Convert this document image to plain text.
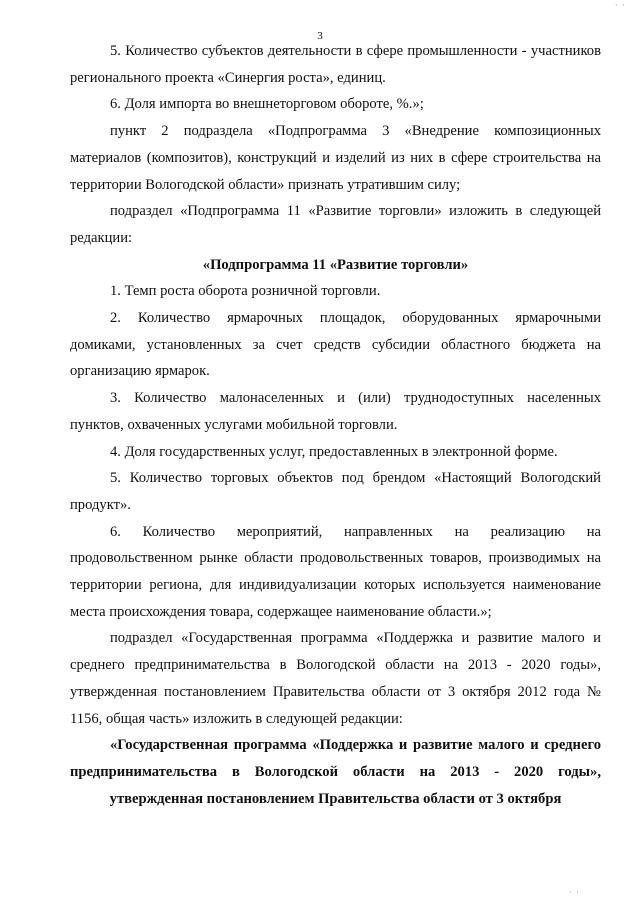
3

5. Количество субъектов деятельности в сфере промышленности - участников регионального проекта «Синергия роста», единиц.

6. Доля импорта во внешнеторговом обороте, %.»;

пункт 2 подраздела «Подпрограмма 3 «Внедрение композиционных материалов (композитов), конструкций и изделий из них в сфере строительства на территории Вологодской области» признать утратившим силу;

подраздел «Подпрограмма 11 «Развитие торговли» изложить в следующей редакции:

«Подпрограмма 11 «Развитие торговли»

1. Темп роста оборота розничной торговли.

2. Количество ярмарочных площадок, оборудованных ярмарочными домиками, установленных за счет средств субсидии областного бюджета на организацию ярмарок.

3. Количество малонаселенных и (или) труднодоступных населенных пунктов, охваченных услугами мобильной торговли.

4. Доля государственных услуг, предоставленных в электронной форме.

5. Количество торговых объектов под брендом «Настоящий Вологодский продукт».

6. Количество мероприятий, направленных на реализацию на продовольственном рынке области продовольственных товаров, производимых на территории региона, для индивидуализации которых используется наименование места происхождения товара, содержащее наименование области.»;

подраздел «Государственная программа «Поддержка и развитие малого и среднего предпринимательства в Вологодской области на 2013 - 2020 годы», утвержденная постановлением Правительства области от 3 октября 2012 года № 1156, общая часть» изложить в следующей редакции:

«Государственная программа «Поддержка и развитие малого и среднего предпринимательства в Вологодской области на 2013 - 2020 годы», утвержденная постановлением Правительства области от 3 октября

· ·
· ·
